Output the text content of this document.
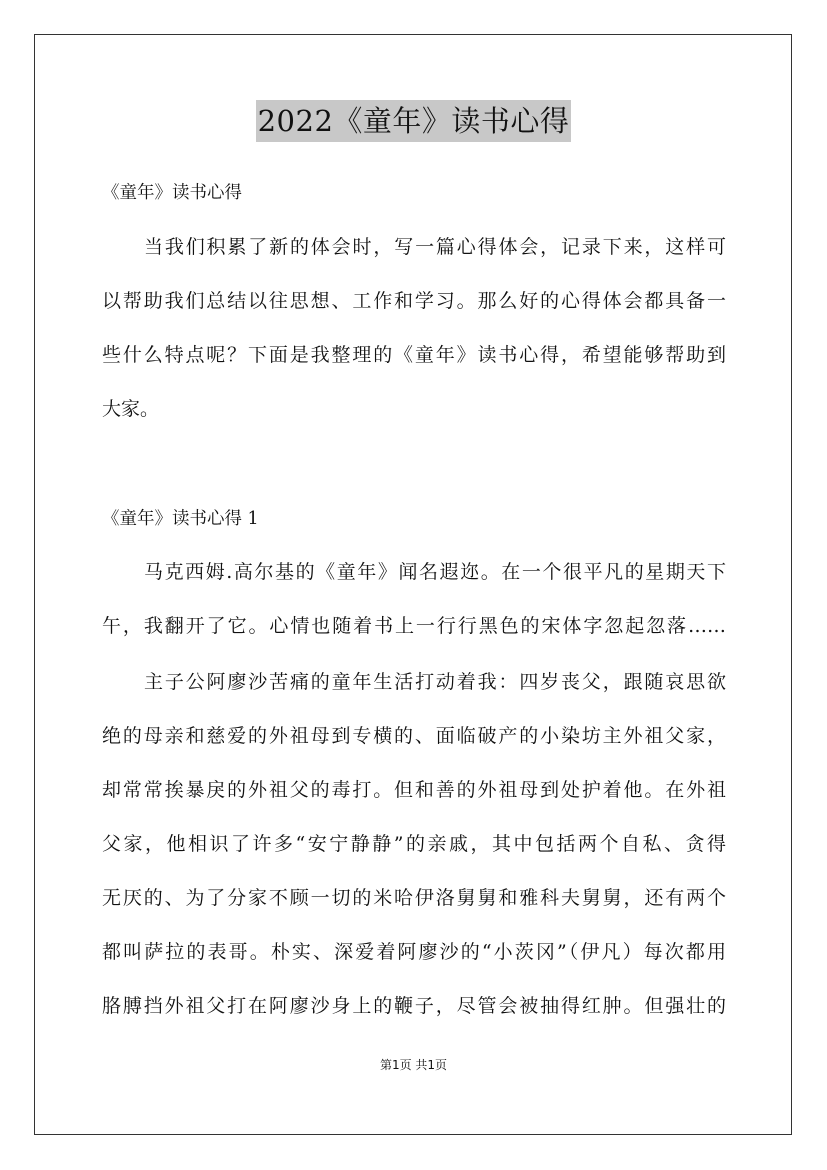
2022《童年》读书心得
《童年》读书心得
当我们积累了新的体会时，写一篇心得体会，记录下来，这样可
以帮助我们总结以往思想、工作和学习。那么好的心得体会都具备一
些什么特点呢？下面是我整理的《童年》读书心得，希望能够帮助到
大家。
《童年》读书心得 1
马克西姆.高尔基的《童年》闻名遐迩。在一个很平凡的星期天下
午，我翻开了它。心情也随着书上一行行黑色的宋体字忽起忽落……
主子公阿廖沙苦痛的童年生活打动着我：四岁丧父，跟随哀思欲
绝的母亲和慈爱的外祖母到专横的、面临破产的小染坊主外祖父家，
却常常挨暴戾的外祖父的毒打。但和善的外祖母到处护着他。在外祖
父家，他相识了许多“安宁静静”的亲戚，其中包括两个自私、贪得
无厌的、为了分家不顾一切的米哈伊洛舅舅和雅科夫舅舅，还有两个
都叫萨拉的表哥。朴实、深爱着阿廖沙的“小茨冈”（伊凡）每次都用
胳膊挡外祖父打在阿廖沙身上的鞭子，尽管会被抽得红肿。但强壮的
第1页 共1页
